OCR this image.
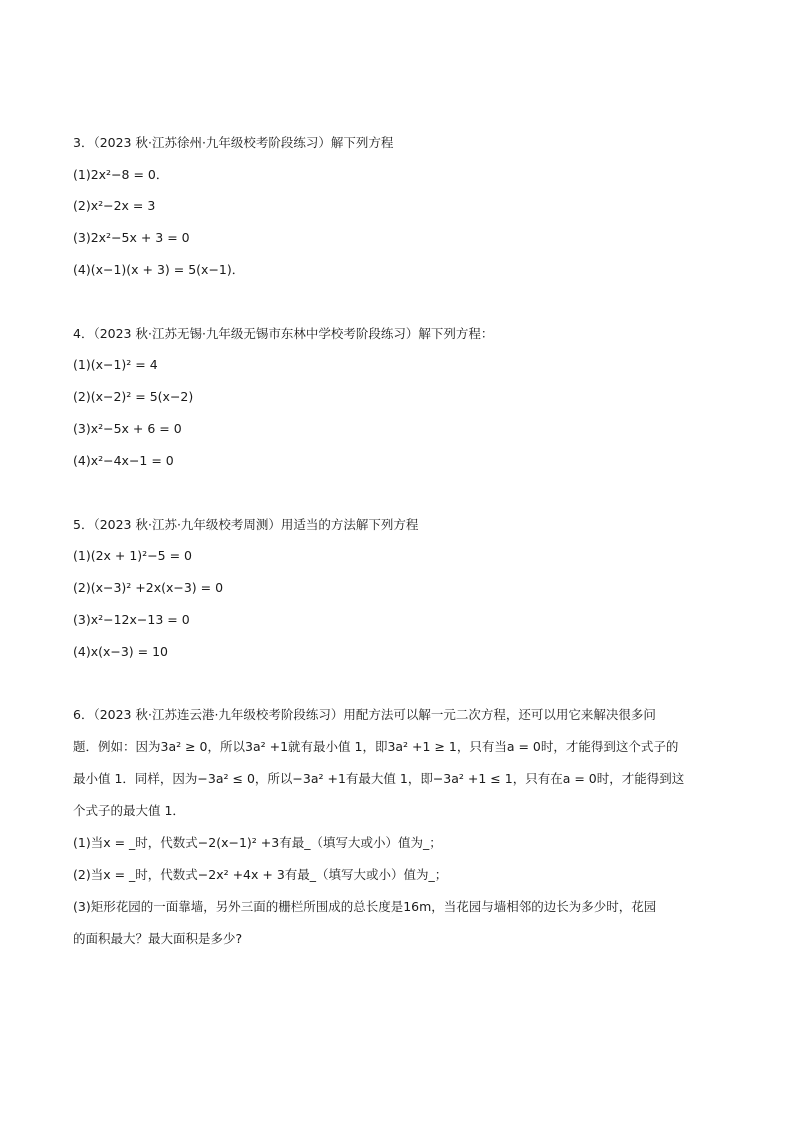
3．（2023 秋·江苏徐州·九年级校考阶段练习）解下列方程
(1)2x²−8 = 0．
(2)x²−2x = 3
(3)2x²−5x + 3 = 0
(4)(x−1)(x + 3) = 5(x−1)．
4．（2023 秋·江苏无锡·九年级无锡市东林中学校考阶段练习）解下列方程：
(1)(x−1)² = 4
(2)(x−2)² = 5(x−2)
(3)x²−5x + 6 = 0
(4)x²−4x−1 = 0
5．（2023 秋·江苏·九年级校考周测）用适当的方法解下列方程
(1)(2x + 1)²−5 = 0
(2)(x−3)² +2x(x−3) = 0
(3)x²−12x−13 = 0
(4)x(x−3) = 10
6．（2023 秋·江苏连云港·九年级校考阶段练习）用配方法可以解一元二次方程，还可以用它来解决很多问
题．例如：因为3a² ≥ 0，所以3a² +1就有最小值 1，即3a² +1 ≥ 1，只有当a = 0时，才能得到这个式子的
最小值 1．同样，因为−3a² ≤ 0，所以−3a² +1有最大值 1，即−3a² +1 ≤ 1，只有在a = 0时，才能得到这
个式子的最大值 1．
(1)当x = _时，代数式−2(x−1)² +3有最_（填写大或小）值为_；
(2)当x = _时，代数式−2x² +4x + 3有最_（填写大或小）值为_；
(3)矩形花园的一面靠墙，另外三面的栅栏所围成的总长度是16m，当花园与墙相邻的边长为多少时，花园
的面积最大？最大面积是多少?
